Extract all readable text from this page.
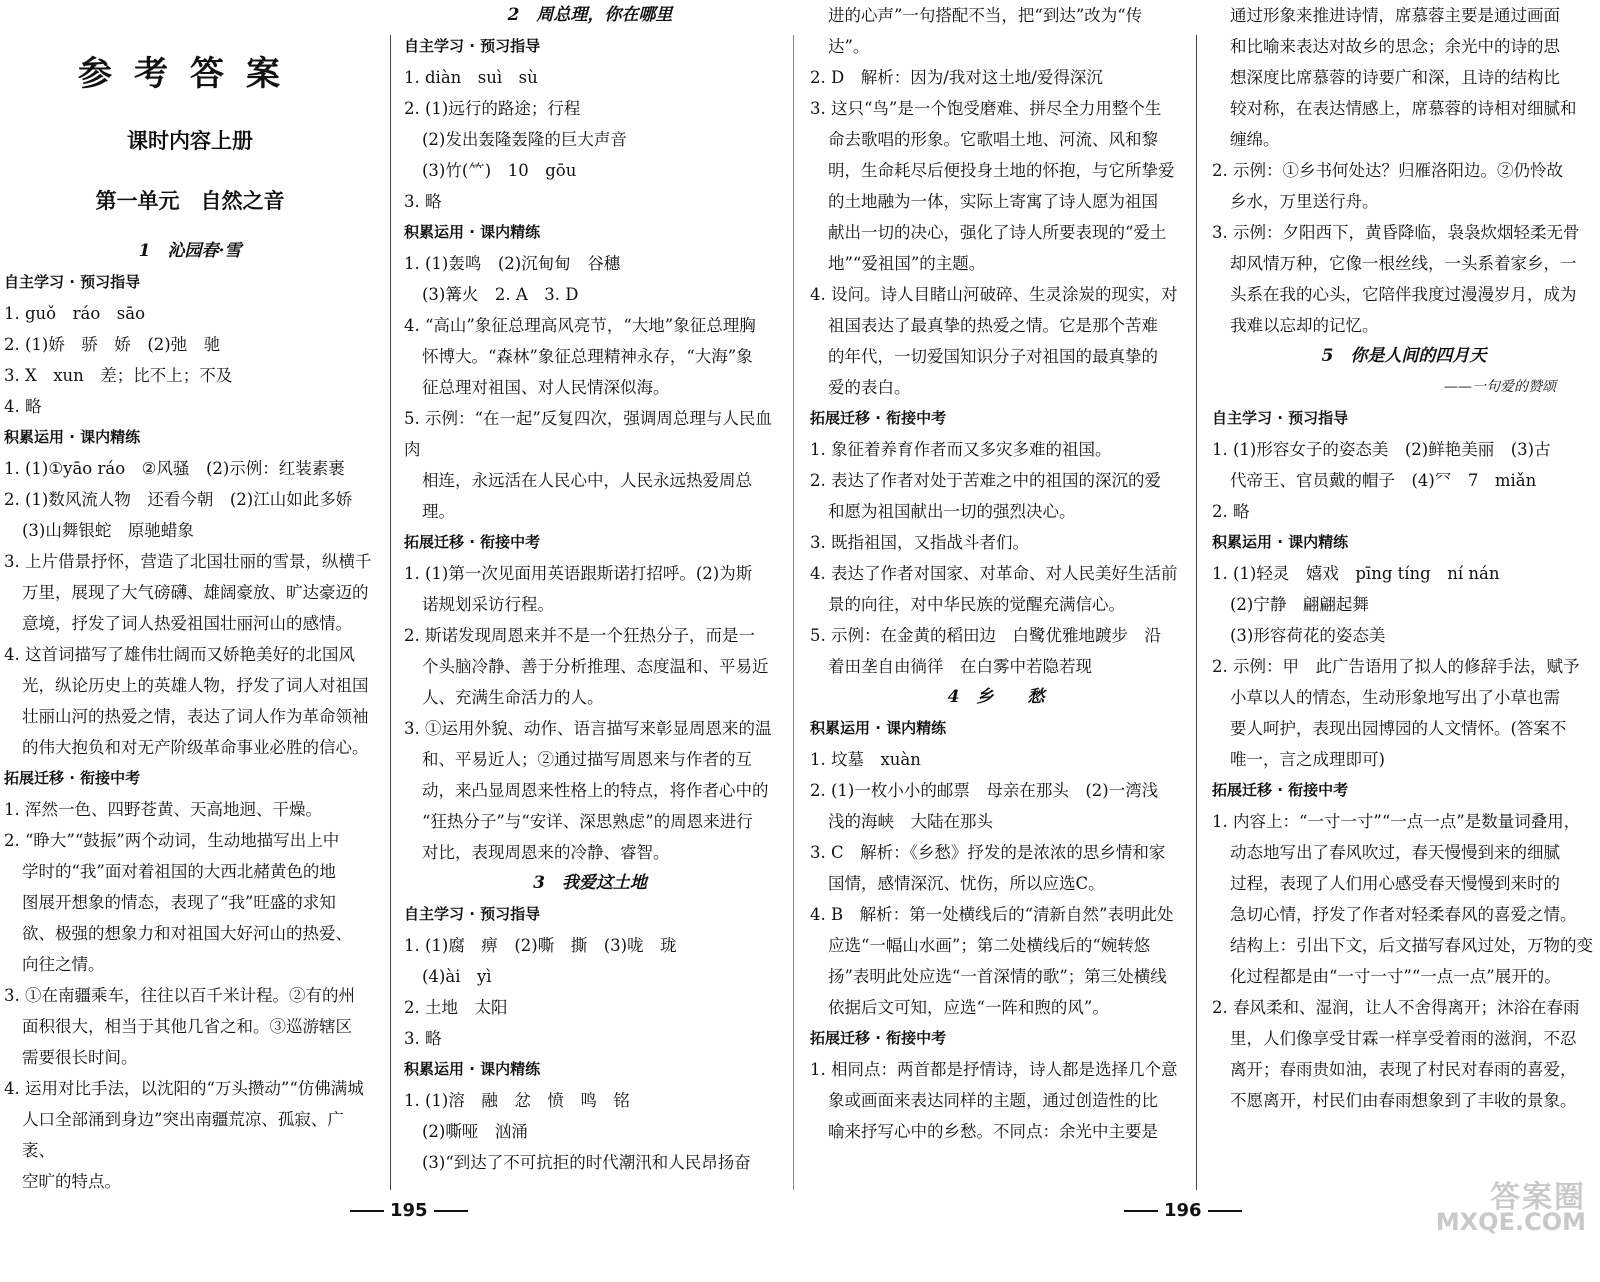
参考答案
课时内容上册
第一单元　自然之音
1　沁园春·雪
自主学习 · 预习指导
1. guǒ　ráo　sāo
2. (1)娇　骄　娇　(2)弛　驰
3. X　xun　差；比不上；不及
4. 略
积累运用 · 课内精练
1. (1)①yāo ráo　②风骚　(2)示例：红装素裹
2. (1)数风流人物　还看今朝　(2)江山如此多娇
(3)山舞银蛇　原驰蜡象
3. 上片借景抒怀，营造了北国壮丽的雪景，纵横千
万里，展现了大气磅礴、雄阔豪放、旷达豪迈的
意境，抒发了词人热爱祖国壮丽河山的感情。
4. 这首词描写了雄伟壮阔而又娇艳美好的北国风
光，纵论历史上的英雄人物，抒发了词人对祖国
壮丽山河的热爱之情，表达了词人作为革命领袖
的伟大抱负和对无产阶级革命事业必胜的信心。
拓展迁移 · 衔接中考
1. 浑然一色、四野苍黄、天高地迥、干燥。
2. “睁大”“鼓振”两个动词，生动地描写出上中
学时的“我”面对着祖国的大西北赭黄色的地
图展开想象的情态，表现了“我”旺盛的求知
欲、极强的想象力和对祖国大好河山的热爱、
向往之情。
3. ①在南疆乘车，往往以百千米计程。②有的州
面积很大，相当于其他几省之和。③巡游辖区
需要很长时间。
4. 运用对比手法，以沈阳的“万头攒动”“仿佛满城
人口全部涌到身边”突出南疆荒凉、孤寂、广袤、
空旷的特点。
2　周总理，你在哪里
自主学习 · 预习指导
1. diàn　suì　sù
2. (1)远行的路途；行程
(2)发出轰隆轰隆的巨大声音
(3)竹(⺮)　10　gōu
3. 略
积累运用 · 课内精练
1. (1)轰鸣　(2)沉甸甸　谷穗
(3)篝火　2. A　3. D
4. “高山”象征总理高风亮节，“大地”象征总理胸
怀博大。“森林”象征总理精神永存，“大海”象
征总理对祖国、对人民情深似海。
5. 示例：“在一起”反复四次，强调周总理与人民血肉
相连，永远活在人民心中，人民永远热爱周总理。
拓展迁移 · 衔接中考
1. (1)第一次见面用英语跟斯诺打招呼。(2)为斯
诺规划采访行程。
2. 斯诺发现周恩来并不是一个狂热分子，而是一
个头脑冷静、善于分析推理、态度温和、平易近
人、充满生命活力的人。
3. ①运用外貌、动作、语言描写来彰显周恩来的温
和、平易近人；②通过描写周恩来与作者的互
动，来凸显周恩来性格上的特点，将作者心中的
“狂热分子”与“安详、深思熟虑”的周恩来进行
对比，表现周恩来的冷静、睿智。
3　我爱这土地
自主学习 · 预习指导
1. (1)腐　痹　(2)嘶　撕　(3)咙　珑
(4)ài　yì
2. 土地　太阳
3. 略
积累运用 · 课内精练
1. (1)溶　融　忿　愤　鸣　铭
(2)嘶哑　汹涌
(3)“到达了不可抗拒的时代潮汛和人民昂扬奋
进的心声”一句搭配不当，把“到达”改为“传达”。
2. D　解析：因为/我对这土地/爱得深沉
3. 这只“鸟”是一个饱受磨难、拼尽全力用整个生
命去歌唱的形象。它歌唱土地、河流、风和黎
明，生命耗尽后便投身土地的怀抱，与它所挚爱
的土地融为一体，实际上寄寓了诗人愿为祖国
献出一切的决心，强化了诗人所要表现的“爱土
地”“爱祖国”的主题。
4. 设问。诗人目睹山河破碎、生灵涂炭的现实，对
祖国表达了最真挚的热爱之情。它是那个苦难
的年代，一切爱国知识分子对祖国的最真挚的
爱的表白。
拓展迁移 · 衔接中考
1. 象征着养育作者而又多灾多难的祖国。
2. 表达了作者对处于苦难之中的祖国的深沉的爱
和愿为祖国献出一切的强烈决心。
3. 既指祖国，又指战斗者们。
4. 表达了作者对国家、对革命、对人民美好生活前
景的向往，对中华民族的觉醒充满信心。
5. 示例：在金黄的稻田边　白鹭优雅地踱步　沿
着田垄自由徜徉　在白雾中若隐若现
4　乡　　愁
积累运用 · 课内精练
1. 坟墓　xuàn
2. (1)一枚小小的邮票　母亲在那头　(2)一湾浅
浅的海峡　大陆在那头
3. C　解析：《乡愁》抒发的是浓浓的思乡情和家
国情，感情深沉、忧伤，所以应选C。
4. B　解析：第一处横线后的“清新自然”表明此处
应选“一幅山水画”；第二处横线后的“婉转悠
扬”表明此处应选“一首深情的歌”；第三处横线
依据后文可知，应选“一阵和煦的风”。
拓展迁移 · 衔接中考
1. 相同点：两首都是抒情诗，诗人都是选择几个意
象或画面来表达同样的主题，通过创造性的比
喻来抒写心中的乡愁。不同点：余光中主要是
通过形象来推进诗情，席慕蓉主要是通过画面
和比喻来表达对故乡的思念；余光中的诗的思
想深度比席慕蓉的诗要广和深，且诗的结构比
较对称，在表达情感上，席慕蓉的诗相对细腻和
缠绵。
2. 示例：①乡书何处达？归雁洛阳边。②仍怜故
乡水，万里送行舟。
3. 示例：夕阳西下，黄昏降临，袅袅炊烟轻柔无骨
却风情万种，它像一根丝线，一头系着家乡，一
头系在我的心头，它陪伴我度过漫漫岁月，成为
我难以忘却的记忆。
5　你是人间的四月天
——一句爱的赞颂
自主学习 · 预习指导
1. (1)形容女子的姿态美　(2)鲜艳美丽　(3)古
代帝王、官员戴的帽子　(4)⺳　7　miǎn
2. 略
积累运用 · 课内精练
1. (1)轻灵　嬉戏　pīng tíng　ní nán
(2)宁静　翩翩起舞
(3)形容荷花的姿态美
2. 示例：甲　此广告语用了拟人的修辞手法，赋予
小草以人的情态，生动形象地写出了小草也需
要人呵护，表现出园博园的人文情怀。(答案不
唯一，言之成理即可)
拓展迁移 · 衔接中考
1. 内容上：“一寸一寸”“一点一点”是数量词叠用，
动态地写出了春风吹过，春天慢慢到来的细腻
过程，表现了人们用心感受春天慢慢到来时的
急切心情，抒发了作者对轻柔春风的喜爱之情。
结构上：引出下文，后文描写春风过处，万物的变
化过程都是由“一寸一寸”“一点一点”展开的。
2. 春风柔和、湿润，让人不舍得离开；沐浴在春雨
里，人们像享受甘霖一样享受着雨的滋润，不忍
离开；春雨贵如油，表现了村民对春雨的喜爱，
不愿离开，村民们由春雨想象到了丰收的景象。
195	196	答案圈
MXQE.COM
